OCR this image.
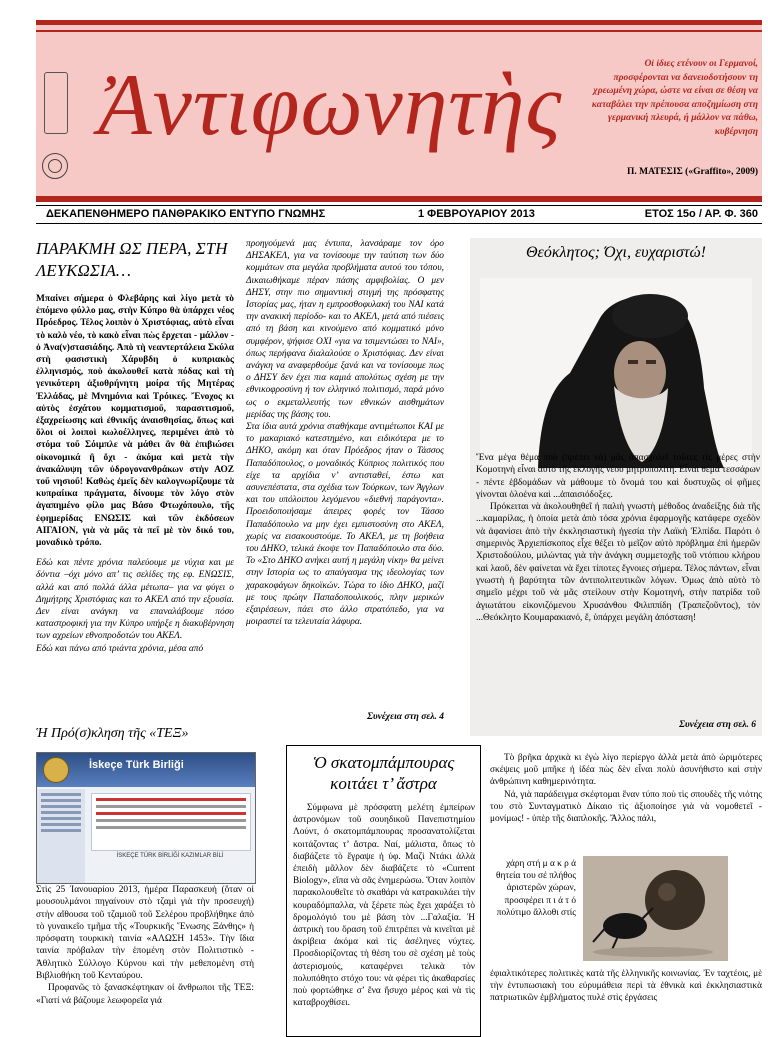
Ἀντιφωνητὴς	Οἰ ἰδιες ετένουν οι Γερμανοί, προσφέρονται να δανειοδοτήσουν τη χρεωμένη χώρα, ώστε να είναι σε θέση να καταβάλει την πρέπουσα αποζημίωση στη γερμανική πλευρά, ή μάλλον να πάθω, κυβέρνηση
Π. ΜΑΤΕΣΙΣ («Graffito», 2009)
ΔΕΚΑΠΕΝΘΗΜΕΡΟ ΠΑΝΘΡΑΚΙΚΟ ΕΝΤΥΠΟ ΓΝΩΜΗΣ	1 ΦΕΒΡΟΥΑΡΙΟΥ 2013	ΕΤΟΣ 15ο / ΑΡ. Φ. 360
ΠΑΡΑΚΜΗ ΩΣ ΠΕΡΑ, ΣΤΗ ΛΕΥΚΩΣΙΑ…

Μπαίνει σήμερα ὁ Φλεβάρης καὶ λίγο μετὰ τὸ ἑπόμενο φύλλο μας, στὴν Κύπρο θὰ ὑπάρχει νέος Πρόεδρος. Τέλος λοιπὸν ὁ Χριστόφιας, αὐτὸ εἶναι τὸ καλὸ νέο, τὸ κακὸ εἶναι πὼς ἔρχεται - μάλλον - ὁ Ἀνα(ν)στασιάδης. Ἀπὸ τὴ νεαντερτάλεια Σκύλα στὴ φασιστικὴ Χάρυβδη ὁ κυπριακὸς ἑλληνισμός, ποὺ ἀκολουθεῖ κατὰ πόδας καὶ τὴ γενικότερη ἀξιοθρήνητη μοίρα τῆς Μητέρας Ἑλλάδας, μὲ Μνημόνια καὶ Τρόικες. Ἔνοχος κι αὐτὸς ἐσχάτου κομματισμοῦ, παρασιτισμοῦ, ἐξαχρείωσης καὶ ἐθνικῆς ἀναισθησίας, ὅπως καὶ ὅλοι οἱ λοιποὶ κωλοέλληνες, περιμένει ἀπὸ τὸ στόμα τοῦ Σόιμπλε νὰ μάθει ἂν θὰ ἐπιβιώσει οἰκονομικά ἢ ὄχι - ἀκόμα καὶ μετὰ τὴν ἀνακάλυψη τῶν ὑδρογονανθράκων στὴν ΑΟΖ τοῦ νησιοῦ! Καθὼς ἐμεῖς δὲν καλογνωρίζουμε τὰ κυπραίικα πράγματα, δίνουμε τὸν λόγο στὸν ἀγαπημένο φίλο μας Βάσο Φτωχόπουλο, τῆς ἐφημερίδας ΕΝΩΣΙΣ καὶ τῶν ἐκδόσεων ΑΙΓΑΙΟΝ, γιὰ νὰ μᾶς τὰ πεῖ μὲ τὸν δικό του, μοναδικὸ τρόπο.

Εδώ και πέντε χρόνια παλεύουμε με νύχια και με δόντια –όχι μόνο απ’ τις σελίδες της εφ. ΕΝΩΣΙΣ, αλλά και από πολλά άλλα μέτωπα– για να φύγει ο Δημήτρης Χριστόφιας και το ΑΚΕΛ από την εξουσία. Δεν είναι ανάγκη να επαναλάβουμε πόσο καταστροφική για την Κύπρο υπήρξε η διακυβέρνηση των αχρείων εθνοπροδοτών του ΑΚΕΛ.

Εδώ και πάνω από τριάντα χρόνια, μέσα από

προηγούμενά μας έντυπα, λανσάραμε τον όρο ΔΗΣΑΚΕΛ, για να τονίσουμε την ταύτιση των δύο κομμάτων στα μεγάλα προβλήματα αυτού του τόπου, Δικαιωθήκαμε πέραν πάσης αμφιβολίας. Ο μεν ΔΗΣΥ, στην πιο σημαντική στιγμή της πρόσφατης Ιστορίας μας, ήταν η εμπροσθοφυλακή του ΝΑΙ κατά την ανακική περίοδο- και το ΑΚΕΛ, μετά από πιέσεις από τη βάση και κινούμενο από κομματικό μόνο συμφέρον, ψήφισε ΟΧΙ «για να τσιμεντώσει το ΝΑΙ», όπως περήφανα διαλαλούσε ο Χριστόφιας. Δεν είναι ανάγκη να αναφερθούμε ξανά και να τονίσουμε πως ο ΔΗΣΥ δεν έχει πια καμιά απολύτως σχέση με την εθνικοφροσύνη ή τον ελληνικό πολιτισμό, παρά μόνο ως ο εκμεταλλευτής των εθνικών αισθημάτων μερίδας της βάσης του.

Στα ίδια αυτά χρόνια σταθήκαμε αντιμέτωποι ΚΑΙ με το μακαριακό κατεστημένο, και ειδικότερα με το ΔΗΚΟ, ακόμη και όταν Πρόεδρος ήταν ο Τάσσος Παπαδόπουλος, ο μοναδικός Κύπριος πολιτικός που είχε τα αρχίδια ν’ αντισταθεί, έστω και ασυνεπέστατα, στα σχέδια των Τούρκων, των Άγγλων και του υπόλοιπου λεγόμενου «διεθνή παράγοντα». Προειδοποιήσαμε άπειρες φορές τον Τάσσο Παπαδόπουλο να μην έχει εμπιστοσύνη στο ΑΚΕΛ, χωρίς να εισακουστούμε. Το ΑΚΕΛ, με τη βοήθεια του ΔΗΚΟ, τελικά έκοψε τον Παπαδόπουλο στα δύο. Το «Στο ΔΗΚΟ ανήκει αυτή η μεγάλη νίκη» θα μείνει στην Ιστορία ως το απαύγασμα της ιδεολογίας των χαρακοφάγων δηκοϊκών. Τώρα το ίδιο ΔΗΚΟ, μαζί με τους πρώην Παπαδοπουλικούς, πλην μερικών εξαιρέσεων, πάει στο άλλο στρατόπεδο, για να μοιραστεί τα τελευταία λάφυρα.

Συνέχεια στη σελ. 4
Θεόκλητος; Όχι, ευχαριστώ!

Ἕνα μέγα θέμα ποὺ (πρέπει νά) μᾶς ἀπασχολεῖ τοῦτες τὶς μέρες στὴν Κομοτηνὴ εἶναι αὐτὸ τῆς ἐκλογῆς νέου μητροπολίτη. Εἶναι θέμα τεσσάρων - πέντε ἑβδομάδων νὰ μάθουμε τὸ ὄνομά του καὶ δυστυχῶς οἱ φῆμες γίνονται ὁλοένα καὶ ...ἀπαισιόδοξες.

Πρόκειται νὰ ἀκολουθηθεῖ ἡ παλιὴ γνωστὴ μέθοδος ἀναδείξης διὰ τῆς ...καμαρίλας, ἡ ὁποία μετὰ ἀπὸ τόσα χρόνια ἐφαρμογῆς κατάφερε σχεδὸν νὰ ἀφανίσει ἀπὸ τὴν ἐκκλησιαστικὴ ἡγεσία τὴν Λαϊκὴ Ἐλπίδα. Παρότι ὁ σημερινὸς Ἀρχιεπίσκοπος εἶχε θέξει τὸ μεῖζον αὐτὸ πρόβλημα ἐπὶ ἡμερῶν Χριστοδούλου, μιλώντας γιὰ τὴν ἀνάγκη συμμετοχῆς τοῦ ντόπιου κλήρου καὶ λαοῦ, δὲν φαίνεται νὰ ἔχει τίποτες ἔγνοιες σήμερα. Τέλος πάντων, εἶναι γνωστὴ ἡ βαρύτητα τῶν ἀντιπολιτευτικῶν λόγων. Ὁμως ἀπὸ αὐτὸ τὸ σημεῖο μέχρι τοῦ νὰ μᾶς στείλουν στὴν Κομοτηνή, στὴν πατρίδα τοῦ ἁγιωτάτου εἰκονιζόμενου Χρυσάνθου Φιλιππίδη (Τραπεζοῦντος), τὸν ...Θεόκλητο Κουμαρακιανό, ἔ, ὑπάρχει μεγάλη ἀπόσταση!

Συνέχεια στη σελ. 6
Ἡ Πρό(σ)κληση τῆς «ΤΕΞ»
İskeçe Türk Birliği
İSKEÇE TÜRK BİRLİĞİ KAZIMLAR BİLİ

Στὶς 25 Ἰανουαρίου 2013, ἡμέρα Παρασκευὴ (ὅταν οἱ μουσουλμάνοι πηγαίνουν στὸ τζαμὶ γιὰ τὴν προσευχή) στὴν αἴθουσα τοῦ τζαμιοῦ τοῦ Σελέρου προβλήθηκε ἀπὸ τὸ γυναικεῖο τμῆμα τῆς «Τουρκικῆς Ἕνωσης Ξάνθης» ἡ πρόσφατη τουρκικὴ ταινία «ΑΛΩΣΗ 1453». Τὴν ἴδια ταινία πρόβαλαν τὴν ἑπομένη στὸν Πολιτιστικὸ - Ἀθλητικὸ Σύλλογο Κύρνου καὶ τὴν μεθεπομένη στὴ Βιβλιοθήκη τοῦ Κενταύρου.

Προφανῶς τὸ ξανασκέφτηκαν οἱ ἄνθρωποι τῆς ΤΕΞ: «Γιατί νά βάζουμε λεωφορεῖα γιά

Ὁ σκατομπάμπουρας κοιτάει τ’ ἄστρα

Σύμφωνα μὲ πρόσφατη μελέτη ἐμπείρων ἀστρονόμων τοῦ σουηδικοῦ Πανεπιστημίου Λούντ, ὁ σκατομπάμπουρας προσανατολίζεται κοιτάζοντας τ’ ἄστρα. Ναί, μάλιστα, ὅπως τὸ διαβάζετε τὸ ἔγραψε ἡ ὑφ. Μαζὶ Ντάκι ἀλλὰ ἐπειδὴ μᾶλλον δὲν διαβάζετε τὸ «Current Biology», εἴπα νὰ σᾶς ἐνημερώσω. Ὅταν λοιπὸν παρακολουθεῖτε τὸ σκαθάρι νὰ κατρακυλάει τὴν κουραδόμπαλλα, νὰ ξέρετε πὼς ἔχει χαράξει τὸ δρομολόγιό του μὲ βάση τὸν ...Γαλαξία. Ἡ ἀστρικὴ του ὅραση τοῦ ἐπιτρέπει νὰ κινεῖται μὲ ἀκρίβεια ἀκόμα καὶ τὶς ἀσέληνες νύχτες. Προσδιορίζοντας τὴ θέση του σὲ σχέση μὲ τοὺς ἀστερισμούς, καταφέρνει τελικὰ τὸν πολυπόθητο στόχο του: νὰ φέρει τὶς ἀκαθαρσίες ποὺ φορτώθηκε σ’ ἕνα ἥσυχο μέρος καὶ νὰ τὶς καταβροχθίσει.

Τὸ βρῆκα ἀρχικὰ κι ἐγὼ λίγο περίεργο ἀλλὰ μετὰ ἀπὸ ὡριμότερες σκέψεις μοῦ μπῆκε ἡ ἰδέα πὼς δὲν εἶναι πολὺ ἀσυνήθιστο καὶ στὴν ἀνθρώπινη καθημερινότητα.

Νά, γιὰ παράδειγμα σκέφτομαι ἕναν τύπο ποὺ τὶς σπουδὲς τῆς νιότης του στὸ Συνταγματικὸ Δίκαιο τὶς ἀξιοποίησε γιὰ νὰ νομοθετεῖ - μονίμως! - ὑπὲρ τῆς διαπλοκῆς. Ἄλλος πάλι,

χάρη στή μ α κ ρ ά θητεία του σέ πλήθος ἀριστερῶν χώρων, προσφέρει π ι ά τ ό πολύτιμο ἄλλοθι στίς
ἐφιαλτικότερες πολιτικὲς κατὰ τῆς ἑλληνικῆς κοινωνίας. Ἐν ταχτέοις, μὲ τὴν ἐντυπωσιακὴ του εὐρυμάθεια περὶ τὰ ἐθνικὰ καὶ ἐκκλησιαστικὰ πατριωτικῶν ἐμβλήματος πυλέ στὶς ἐργάσεις
